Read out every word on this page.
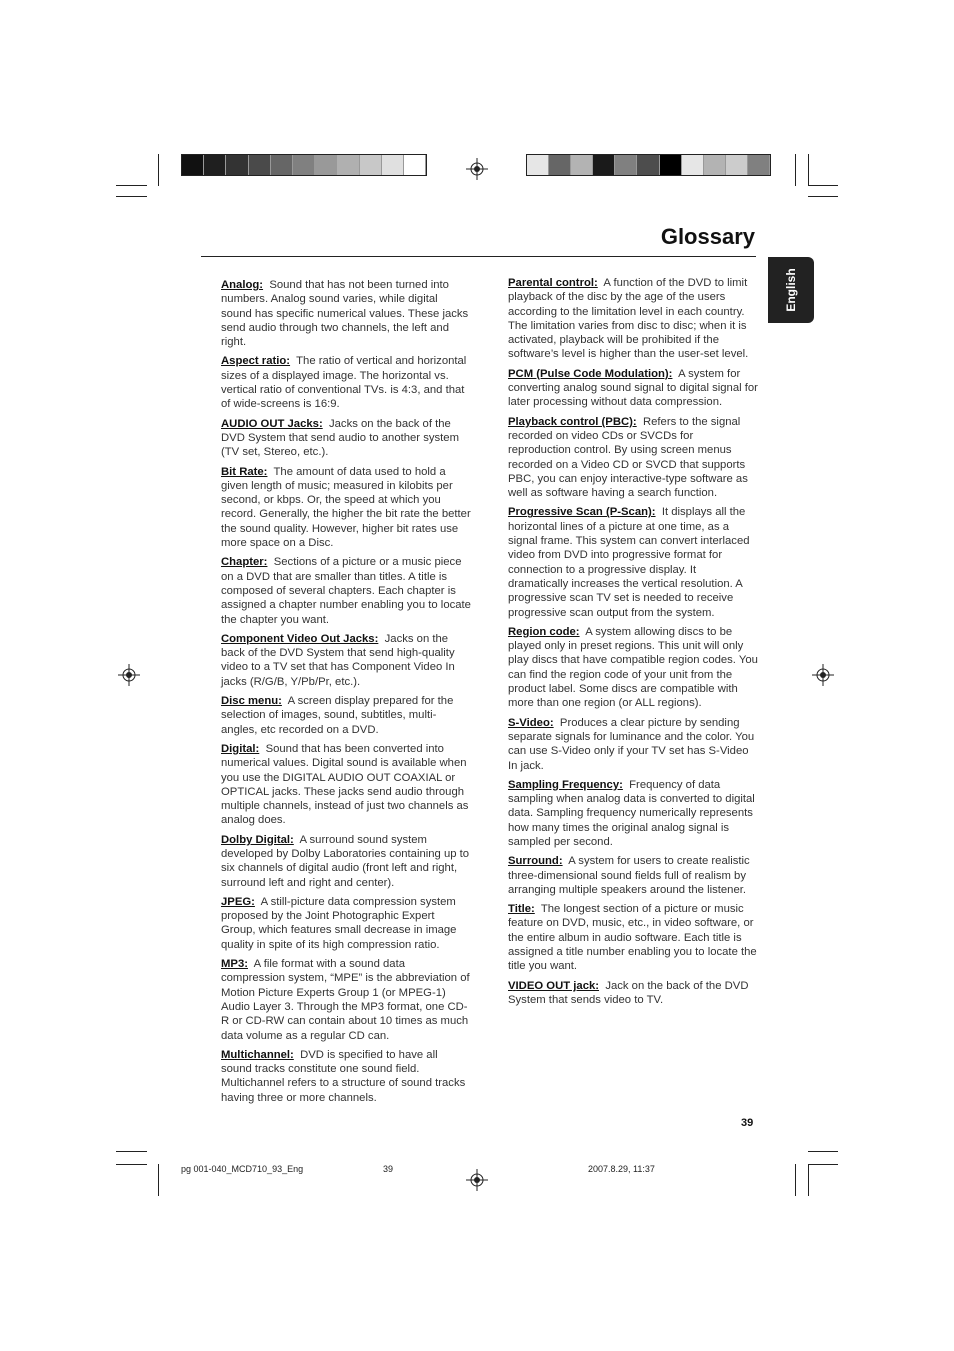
Glossary
English
Analog: Sound that has not been turned into numbers. Analog sound varies, while digital sound has specific numerical values. These jacks send audio through two channels, the left and right.
Aspect ratio: The ratio of vertical and horizontal sizes of a displayed image. The horizontal vs. vertical ratio of conventional TVs. is 4:3, and that of wide-screens is 16:9.
AUDIO OUT Jacks: Jacks on the back of the DVD System that send audio to another system (TV set, Stereo, etc.).
Bit Rate: The amount of data used to hold a given length of music; measured in kilobits per second, or kbps. Or, the speed at which you record. Generally, the higher the bit rate the better the sound quality. However, higher bit rates use more space on a Disc.
Chapter: Sections of a picture or a music piece on a DVD that are smaller than titles. A title is composed of several chapters. Each chapter is assigned a chapter number enabling you to locate the chapter you want.
Component Video Out Jacks: Jacks on the back of the DVD System that send high-quality video to a TV set that has Component Video In jacks (R/G/B, Y/Pb/Pr, etc.).
Disc menu: A screen display prepared for the selection of images, sound, subtitles, multi-angles, etc recorded on a DVD.
Digital: Sound that has been converted into numerical values. Digital sound is available when you use the DIGITAL AUDIO OUT COAXIAL or OPTICAL jacks. These jacks send audio through multiple channels, instead of just two channels as analog does.
Dolby Digital: A surround sound system developed by Dolby Laboratories containing up to six channels of digital audio (front left and right, surround left and right and center).
JPEG: A still-picture data compression system proposed by the Joint Photographic Expert Group, which features small decrease in image quality in spite of its high compression ratio.
MP3: A file format with a sound data compression system, “MPE” is the abbreviation of Motion Picture Experts Group 1 (or MPEG-1) Audio Layer 3. Through the MP3 format, one CD-R or CD-RW can contain about 10 times as much data volume as a regular CD can.
Multichannel: DVD is specified to have all sound tracks constitute one sound field. Multichannel refers to a structure of sound tracks having three or more channels.
Parental control: A function of the DVD to limit playback of the disc by the age of the users according to the limitation level in each country. The limitation varies from disc to disc; when it is activated, playback will be prohibited if the software’s level is higher than the user-set level.
PCM (Pulse Code Modulation): A system for converting analog sound signal to digital signal for later processing without data compression.
Playback control (PBC): Refers to the signal recorded on video CDs or SVCDs for reproduction control. By using screen menus recorded on a Video CD or SVCD that supports PBC, you can enjoy interactive-type software as well as software having a search function.
Progressive Scan (P-Scan): It displays all the horizontal lines of a picture at one time, as a signal frame. This system can convert interlaced video from DVD into progressive format for connection to a progressive display. It dramatically increases the vertical resolution. A progressive scan TV set is needed to receive progressive scan output from the system.
Region code: A system allowing discs to be played only in preset regions. This unit will only play discs that have compatible region codes. You can find the region code of your unit from the product label. Some discs are compatible with more than one region (or ALL regions).
S-Video: Produces a clear picture by sending separate signals for luminance and the color. You can use S-Video only if your TV set has S-Video In jack.
Sampling Frequency: Frequency of data sampling when analog data is converted to digital data. Sampling frequency numerically represents how many times the original analog signal is sampled per second.
Surround: A system for users to create realistic three-dimensional sound fields full of realism by arranging multiple speakers around the listener.
Title: The longest section of a picture or music feature on DVD, music, etc., in video software, or the entire album in audio software. Each title is assigned a title number enabling you to locate the title you want.
VIDEO OUT jack: Jack on the back of the DVD System that sends video to TV.
39
pg 001-040_MCD710_93_Eng	39	2007.8.29, 11:37
